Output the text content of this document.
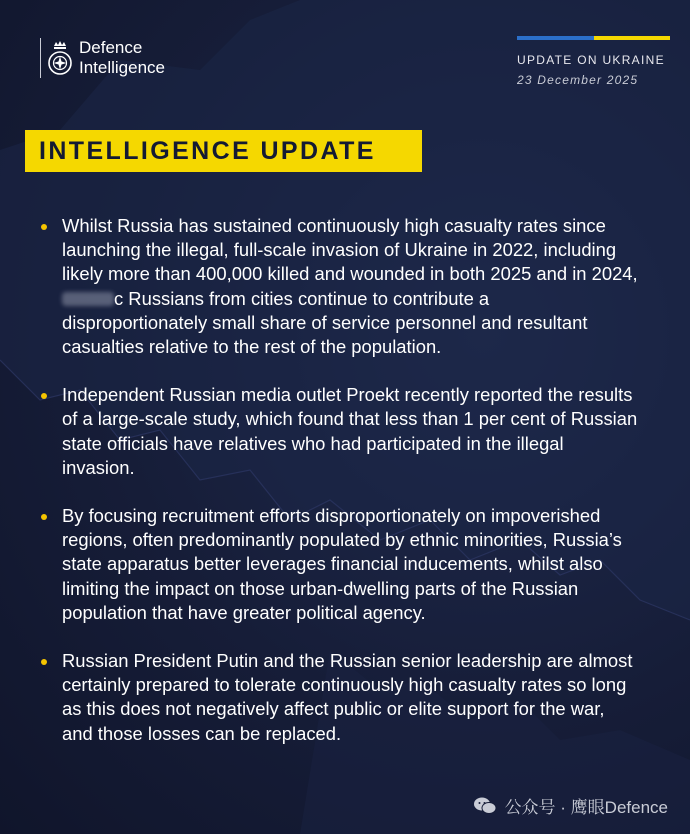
Defence
Intelligence	UPDATE ON UKRAINE
23 December 2025
INTELLIGENCE UPDATE
Whilst Russia has sustained continuously high casualty rates since launching the illegal, full-scale invasion of Ukraine in 2022, including likely more than 400,000 killed and wounded in both 2025 and in 2024, c Russians from cities continue to contribute a disproportionately small share of service personnel and resultant casualties relative to the rest of the population.
Independent Russian media outlet Proekt recently reported the results of a large-scale study, which found that less than 1 per cent of Russian state officials have relatives who had participated in the illegal invasion.
By focusing recruitment efforts disproportionately on impoverished regions, often predominantly populated by ethnic minorities, Russia’s state apparatus better leverages financial inducements, whilst also limiting the impact on those urban-dwelling parts of the Russian population that have greater political agency.
Russian President Putin and the Russian senior leadership are almost certainly prepared to tolerate continuously high casualty rates so long as this does not negatively affect public or elite support for the war, and those losses can be replaced.
公众号 · 鹰眼Defence
